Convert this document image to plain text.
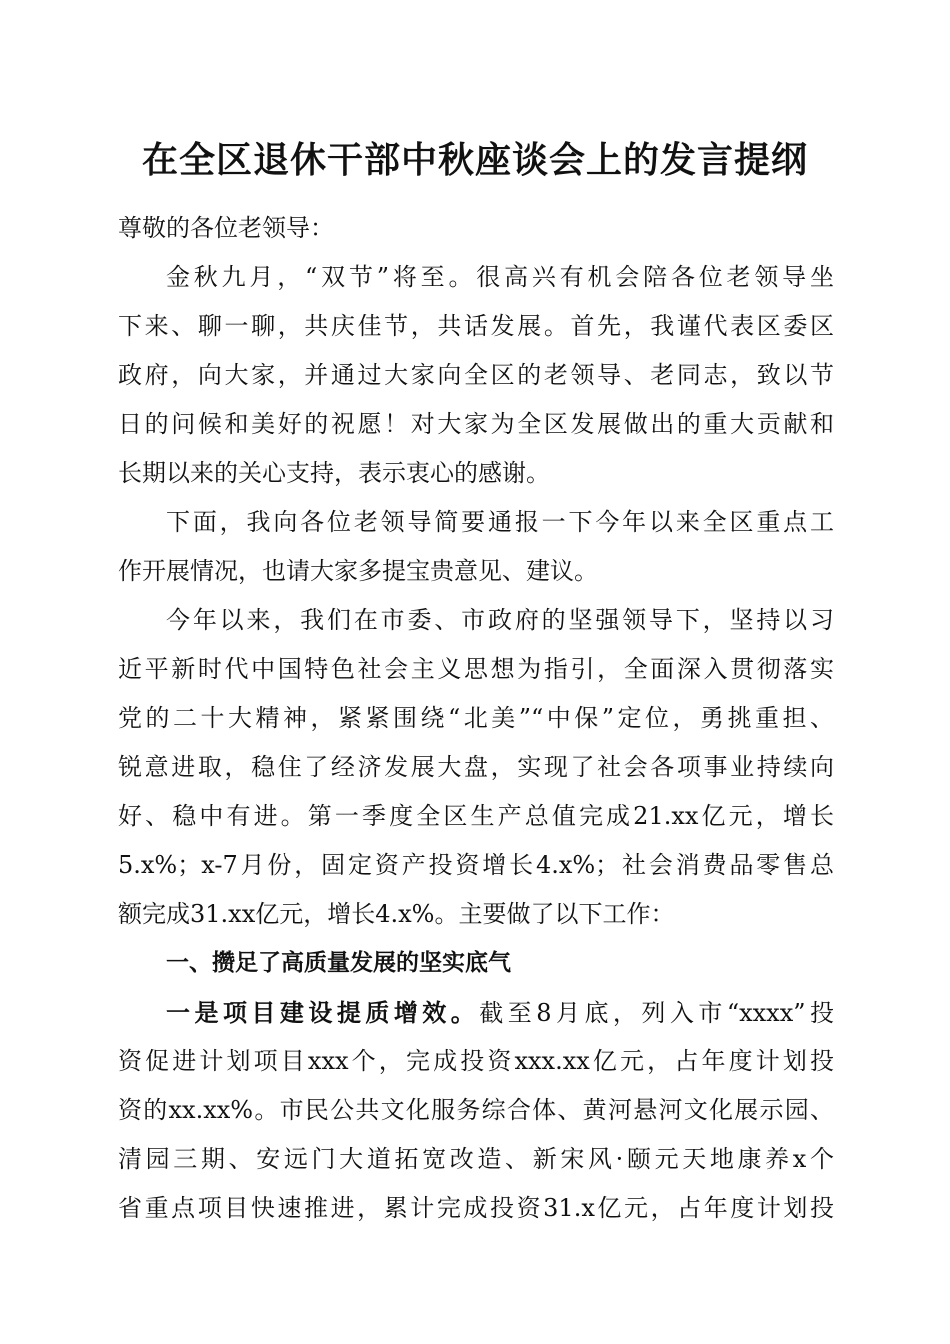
在全区退休干部中秋座谈会上的发言提纲
尊敬的各位老领导：
金秋九月，“双节”将至。很高兴有机会陪各位老领导坐
下来、聊一聊，共庆佳节，共话发展。首先，我谨代表区委区
政府，向大家，并通过大家向全区的老领导、老同志，致以节
日的问候和美好的祝愿！对大家为全区发展做出的重大贡献和
长期以来的关心支持，表示衷心的感谢。
下面，我向各位老领导简要通报一下今年以来全区重点工
作开展情况，也请大家多提宝贵意见、建议。
今年以来，我们在市委、市政府的坚强领导下，坚持以习
近平新时代中国特色社会主义思想为指引，全面深入贯彻落实
党的二十大精神，紧紧围绕“北美”“中保”定位，勇挑重担、
锐意进取，稳住了经济发展大盘，实现了社会各项事业持续向
好、稳中有进。第一季度全区生产总值完成21.xx亿元，增长
5.x%；x-7月份，固定资产投资增长4.x%；社会消费品零售总
额完成31.xx亿元，增长4.x%。主要做了以下工作：
一、攒足了高质量发展的坚实底气
一是项目建设提质增效。截至8月底，列入市“xxxx”投
资促进计划项目xxx个，完成投资xxx.xx亿元，占年度计划投
资的xx.xx%。市民公共文化服务综合体、黄河悬河文化展示园、
清园三期、安远门大道拓宽改造、新宋风·颐元天地康养x个
省重点项目快速推进，累计完成投资31.x亿元，占年度计划投
